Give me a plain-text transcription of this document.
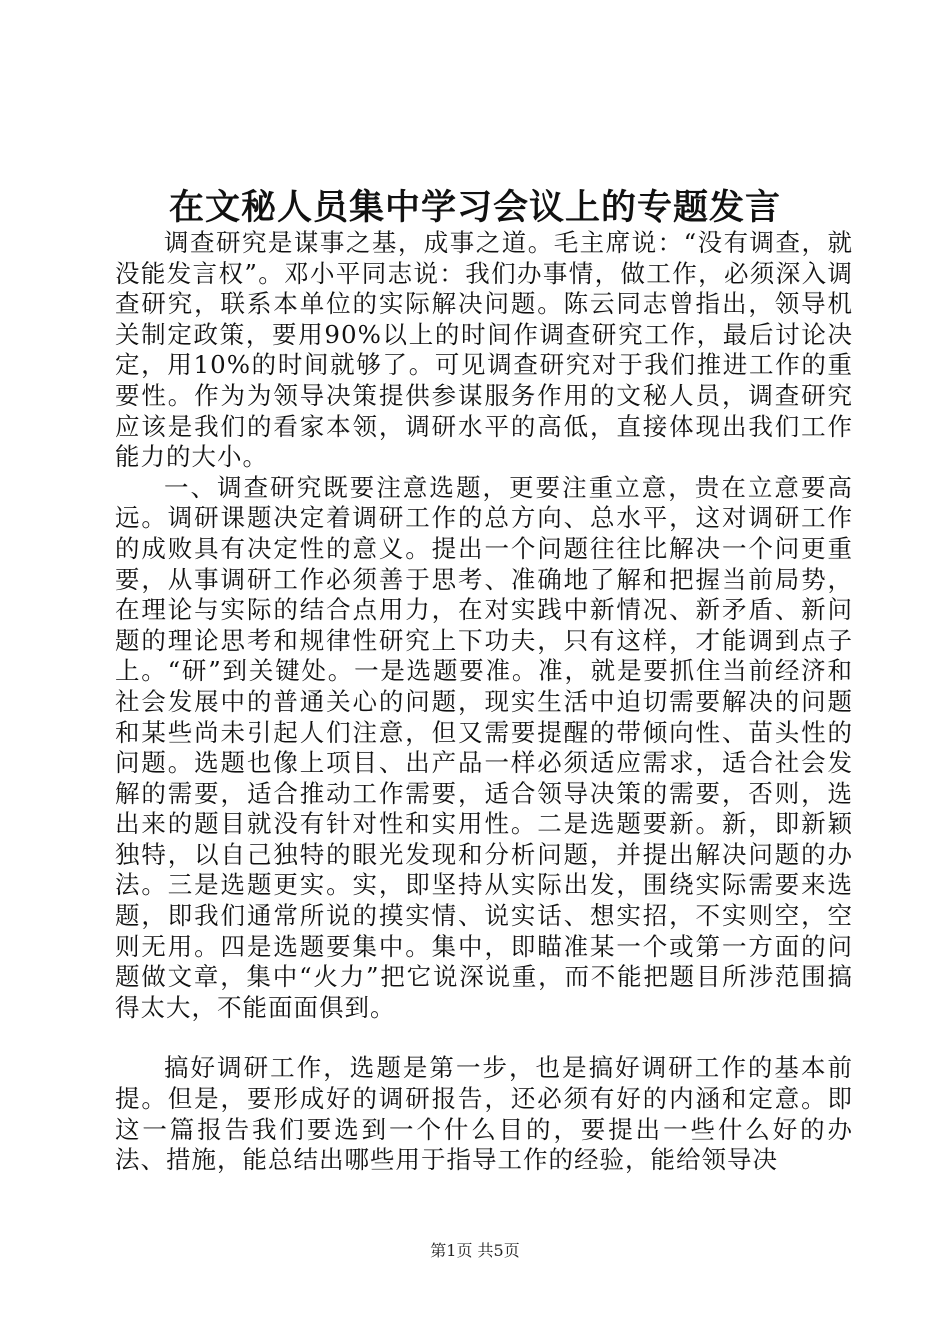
在文秘人员集中学习会议上的专题发言

调查研究是谋事之基，成事之道。毛主席说：“没有调查，就没能发言权”。邓小平同志说：我们办事情，做工作，必须深入调查研究，联系本单位的实际解决问题。陈云同志曾指出，领导机关制定政策，要用90%以上的时间作调查研究工作，最后讨论决定，用10%的时间就够了。可见调查研究对于我们推进工作的重要性。作为为领导决策提供参谋服务作用的文秘人员，调查研究应该是我们的看家本领，调研水平的高低，直接体现出我们工作能力的大小。

一、调查研究既要注意选题，更要注重立意，贵在立意要高远。调研课题决定着调研工作的总方向、总水平，这对调研工作的成败具有决定性的意义。提出一个问题往往比解决一个问更重要，从事调研工作必须善于思考、准确地了解和把握当前局势，在理论与实际的结合点用力，在对实践中新情况、新矛盾、新问题的理论思考和规律性研究上下功夫，只有这样，才能调到点子上。“研”到关键处。一是选题要准。准，就是要抓住当前经济和社会发展中的普通关心的问题，现实生活中迫切需要解决的问题和某些尚未引起人们注意，但又需要提醒的带倾向性、苗头性的问题。选题也像上项目、出产品一样必须适应需求，适合社会发解的需要，适合推动工作需要，适合领导决策的需要，否则，选出来的题目就没有针对性和实用性。二是选题要新。新，即新颖独特，以自己独特的眼光发现和分析问题，并提出解决问题的办法。三是选题更实。实，即坚持从实际出发，围绕实际需要来选题，即我们通常所说的摸实情、说实话、想实招，不实则空，空则无用。四是选题要集中。集中，即瞄准某一个或第一方面的问题做文章，集中“火力”把它说深说重，而不能把题目所涉范围搞得太大，不能面面俱到。

搞好调研工作，选题是第一步，也是搞好调研工作的基本前提。但是，要形成好的调研报告，还必须有好的内涵和定意。即这一篇报告我们要选到一个什么目的，要提出一些什么好的办法、措施，能总结出哪些用于指导工作的经验，能给领导决

第1页 共5页
